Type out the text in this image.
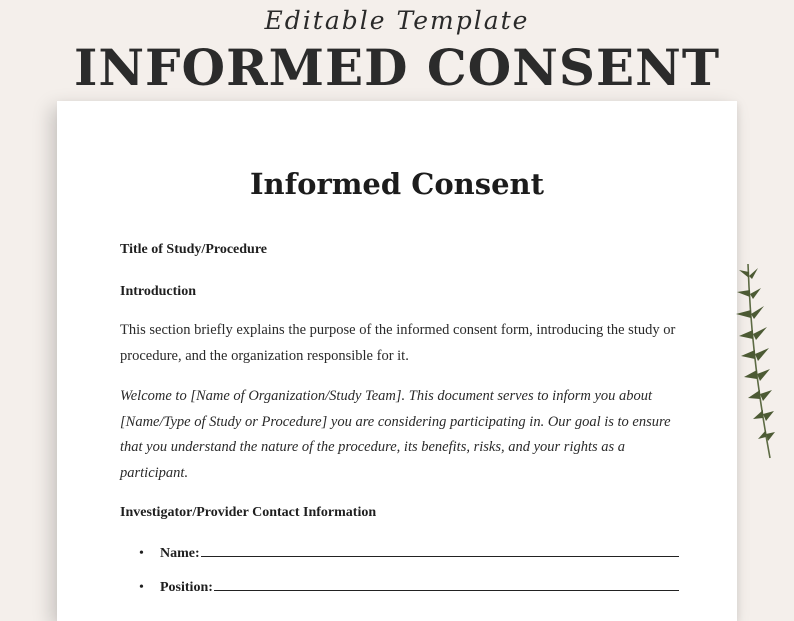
Editable Template
INFORMED CONSENT
Informed Consent
Title of Study/Procedure
Introduction
This section briefly explains the purpose of the informed consent form, introducing the study or procedure, and the organization responsible for it.
Welcome to [Name of Organization/Study Team]. This document serves to inform you about [Name/Type of Study or Procedure] you are considering participating in. Our goal is to ensure that you understand the nature of the procedure, its benefits, risks, and your rights as a participant.
Investigator/Provider Contact Information
•	Name:
•	Position:
